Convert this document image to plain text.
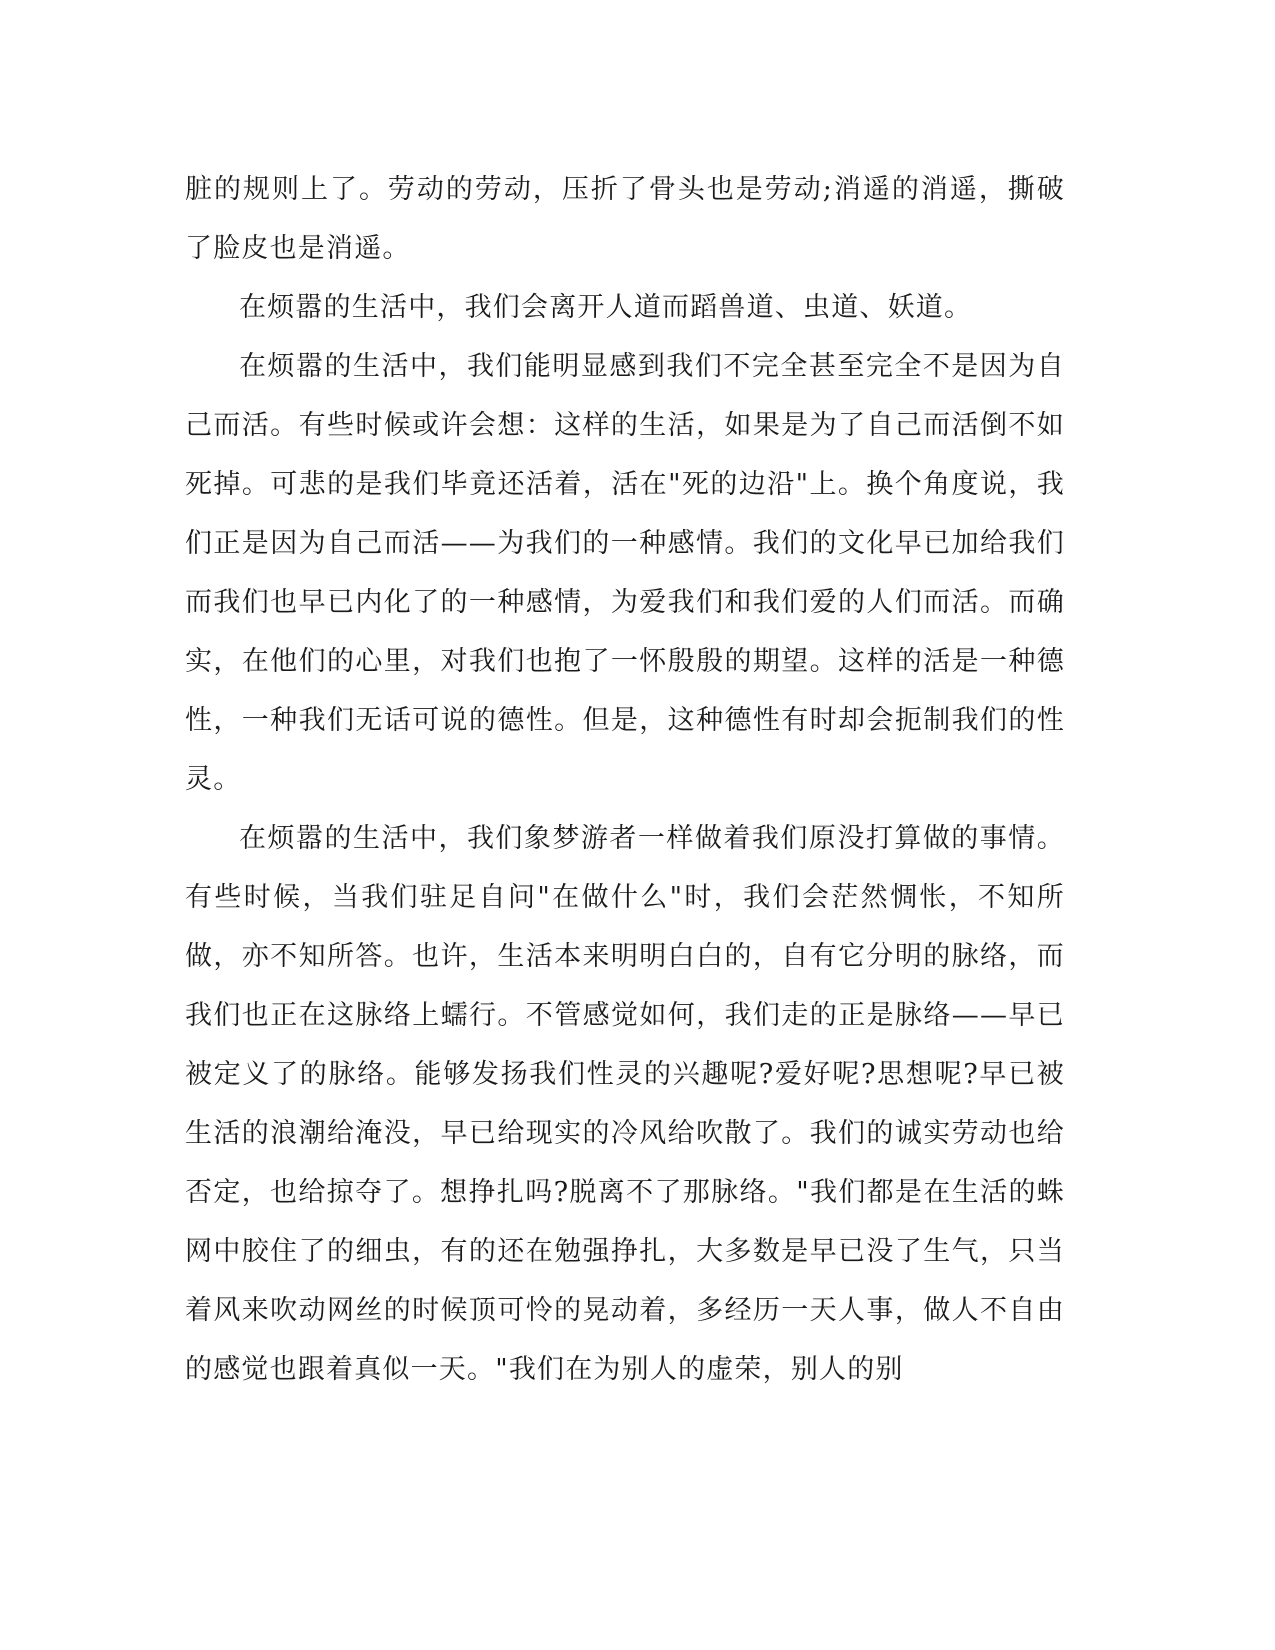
脏的规则上了。劳动的劳动，压折了骨头也是劳动;消遥的消遥，撕破了脸皮也是消遥。

在烦嚣的生活中，我们会离开人道而蹈兽道、虫道、妖道。

在烦嚣的生活中，我们能明显感到我们不完全甚至完全不是因为自己而活。有些时候或许会想：这样的生活，如果是为了自己而活倒不如死掉。可悲的是我们毕竟还活着，活在"死的边沿"上。换个角度说，我们正是因为自己而活——为我们的一种感情。我们的文化早已加给我们而我们也早已内化了的一种感情，为爱我们和我们爱的人们而活。而确实，在他们的心里，对我们也抱了一怀殷殷的期望。这样的活是一种德性，一种我们无话可说的德性。但是，这种德性有时却会扼制我们的性灵。

在烦嚣的生活中，我们象梦游者一样做着我们原没打算做的事情。有些时候，当我们驻足自问"在做什么"时，我们会茫然惆怅，不知所做，亦不知所答。也许，生活本来明明白白的，自有它分明的脉络，而我们也正在这脉络上蠕行。不管感觉如何，我们走的正是脉络——早已被定义了的脉络。能够发扬我们性灵的兴趣呢?爱好呢?思想呢?早已被生活的浪潮给淹没，早已给现实的冷风给吹散了。我们的诚实劳动也给否定，也给掠夺了。想挣扎吗?脱离不了那脉络。"我们都是在生活的蛛网中胶住了的细虫，有的还在勉强挣扎，大多数是早已没了生气，只当着风来吹动网丝的时候顶可怜的晃动着，多经历一天人事，做人不自由的感觉也跟着真似一天。"我们在为别人的虚荣，别人的别
